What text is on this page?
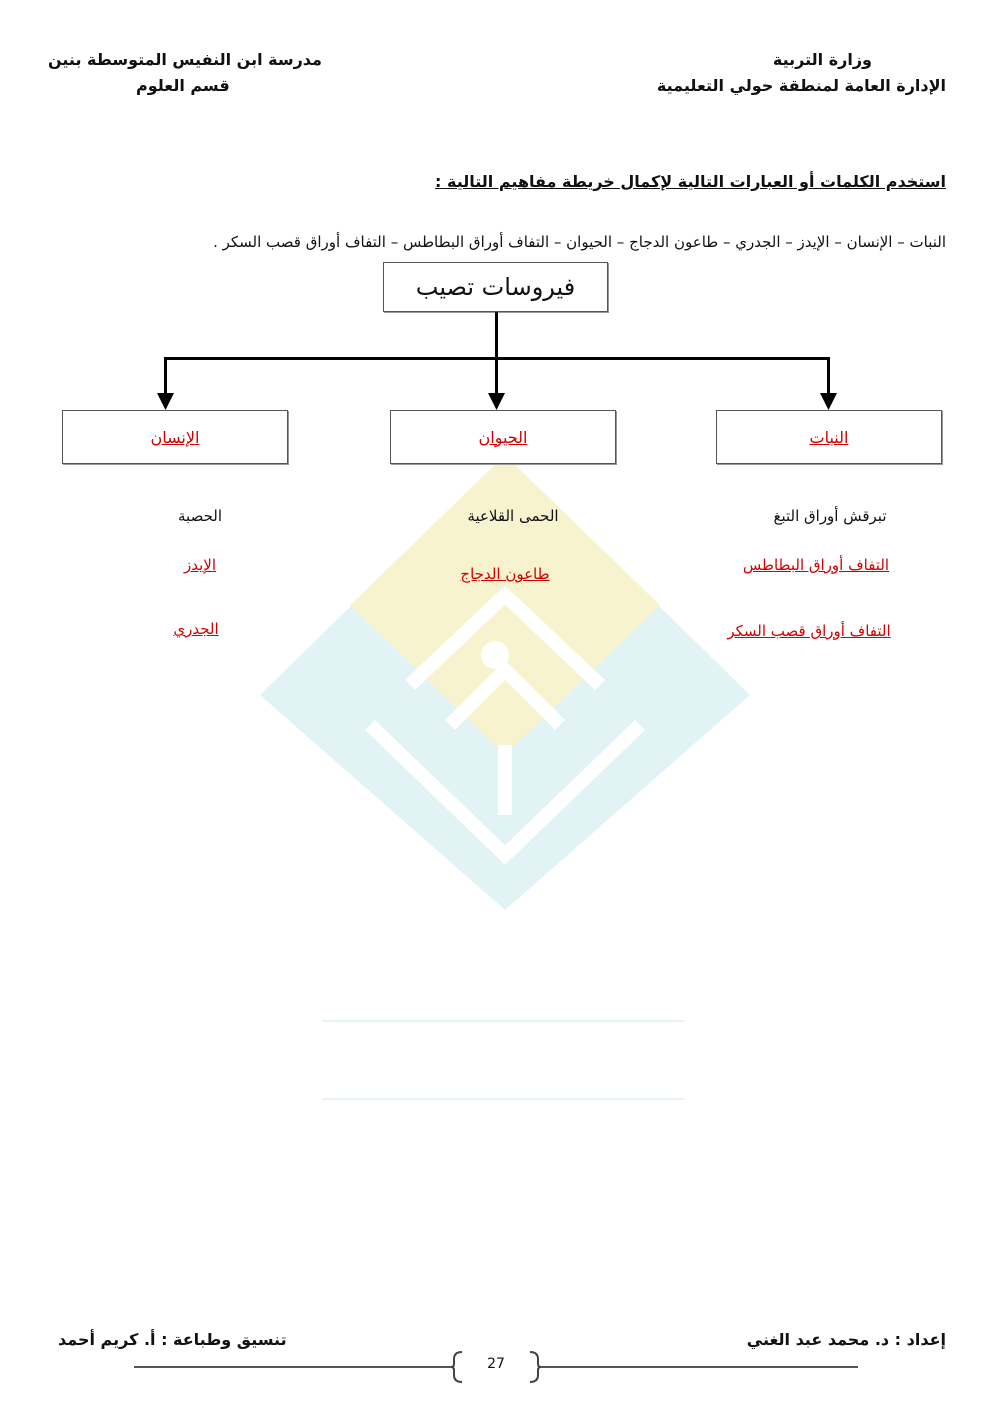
وزارة التربية
الإدارة العامة لمنطقة حولي التعليمية
مدرسة ابن النفيس المتوسطة بنين
قسم العلوم
استخدم الكلمات أو العبارات التالية لإكمال خريطة مفاهيم التالية :
النبات – الإنسان – الإيدز – الجدري – طاعون الدجاج – الحيوان – التفاف أوراق البطاطس – التفاف أوراق قصب السكر .
فيروسات تصيب
النبات
الحيوان
الإنسان
تبرقش أوراق التبغ
التفاف أوراق البطاطس
التفاف أوراق قصب السكر
الحمى القلاعية
طاعون الدجاج
الحصبة
الإيدز
الجدري
إعداد : د. محمد عبد الغني
تنسيق وطباعة : أ. كريم أحمد
27
